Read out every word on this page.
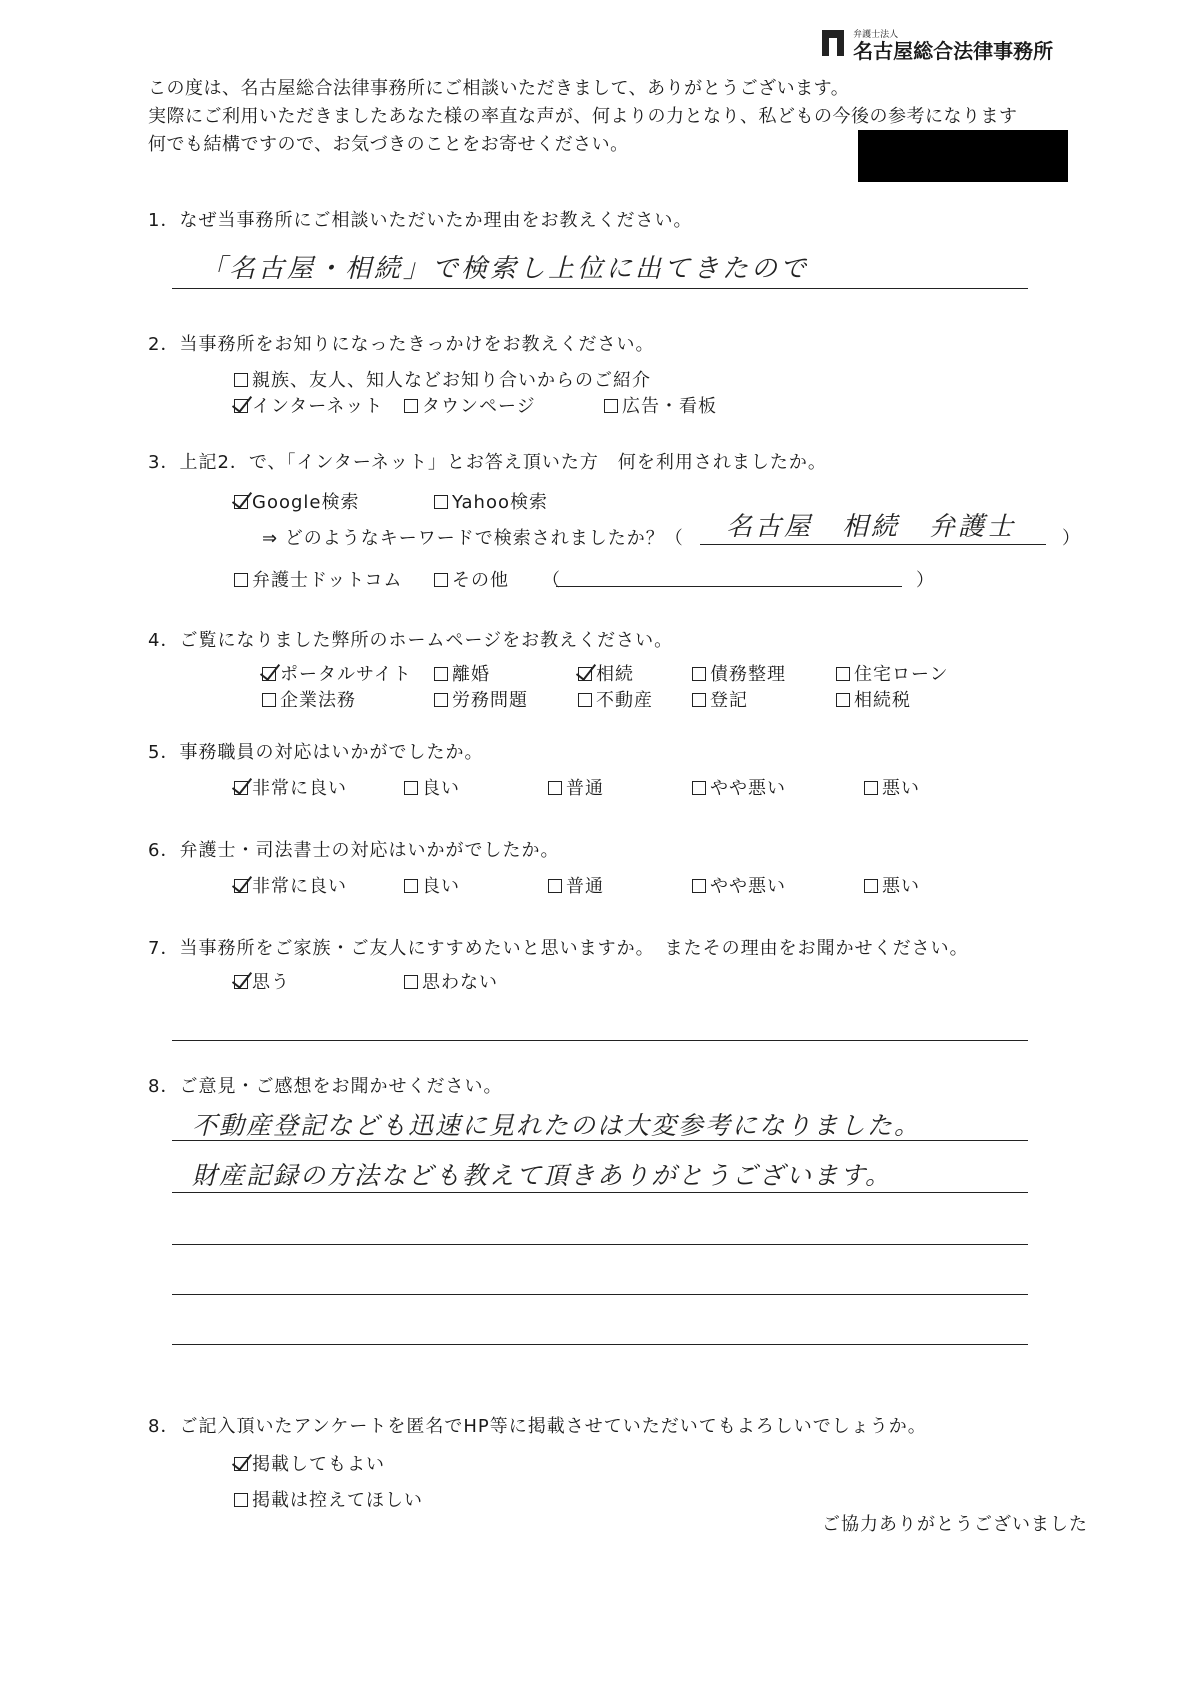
弁護士法人
名古屋総合法律事務所
この度は、名古屋総合法律事務所にご相談いただきまして、ありがとうございます。
実際にご利用いただきましたあなた様の率直な声が、何よりの力となり、私どもの今後の参考になります
何でも結構ですので、お気づきのことをお寄せください。
1．なぜ当事務所にご相談いただいたか理由をお教えください。
「名古屋・相続」で検索し上位に出てきたので
2．当事務所をお知りになったきっかけをお教えください。
親族、友人、知人などお知り合いからのご紹介
インターネット	タウンページ	広告・看板
3．上記2．で、「インターネット」とお答え頂いた方　何を利用されましたか。
Google検索	Yahoo検索
⇒ どのようなキーワードで検索されましたか？（ 名古屋　相続　弁護士	）
弁護士ドットコム	その他 （	）
4．ご覧になりました弊所のホームページをお教えください。
ポータルサイト	離婚	相続	債務整理	住宅ローン
企業法務	労務問題	不動産	登記	相続税
5．事務職員の対応はいかがでしたか。
非常に良い	良い	普通	やや悪い	悪い
6．弁護士・司法書士の対応はいかがでしたか。
非常に良い	良い	普通	やや悪い	悪い
7．当事務所をご家族・ご友人にすすめたいと思いますか。　またその理由をお聞かせください。
思う	思わない
8．ご意見・ご感想をお聞かせください。
不動産登記なども迅速に見れたのは大変参考になりました。
財産記録の方法なども教えて頂きありがとうございます。
8．ご記入頂いたアンケートを匿名でHP等に掲載させていただいてもよろしいでしょうか。
掲載してもよい
掲載は控えてほしい
ご協力ありがとうございました
